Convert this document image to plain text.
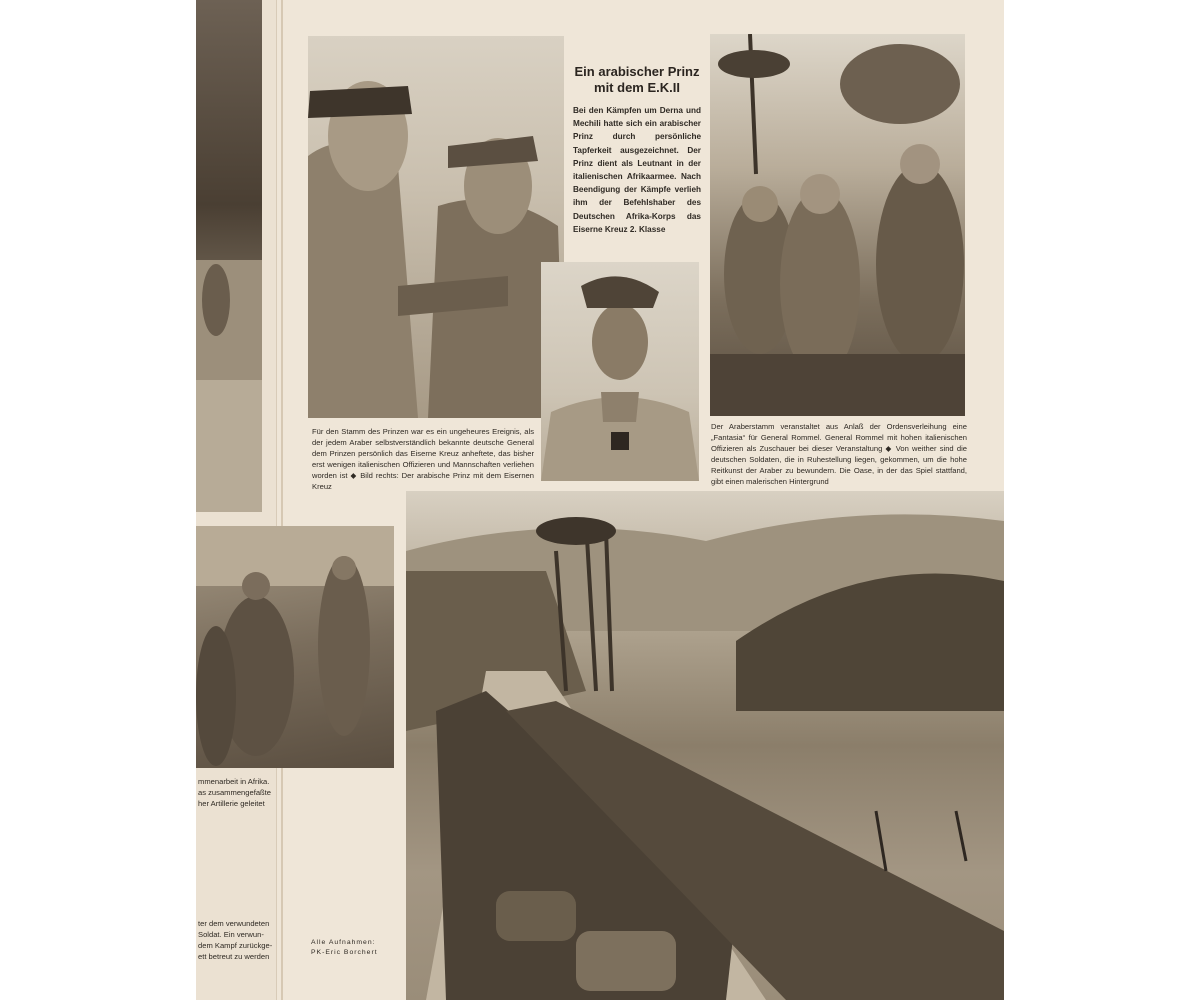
Ein arabischer Prinz
mit dem E.K.II
Bei den Kämpfen um Derna und Mechili hatte sich ein arabischer Prinz durch persönliche Tapferkeit ausgezeichnet. Der Prinz dient als Leutnant in der italienischen Afrikaarmee. Nach Beendigung der Kämpfe verlieh ihm der Befehlshaber des Deutschen Afrika-Korps das Eiserne Kreuz 2. Klasse
Für den Stamm des Prinzen war es ein ungeheures Ereignis, als der jedem Araber selbstverständlich bekannte deutsche General dem Prinzen persönlich das Eiserne Kreuz anheftete, das bisher erst wenigen italienischen Offizieren und Mannschaften verliehen worden ist ◆ Bild rechts: Der arabische Prinz mit dem Eisernen Kreuz
Der Araberstamm veranstaltet aus Anlaß der Ordensverleihung eine „Fantasia“ für General Rommel. General Rommel mit hohen italienischen Offizieren als Zuschauer bei dieser Veranstaltung ◆ Von weither sind die deutschen Soldaten, die in Ruhestellung liegen, gekommen, um die hohe Reitkunst der Araber zu bewundern. Die Oase, in der das Spiel stattfand, gibt einen malerischen Hintergrund
mmenarbeit in Afrika.
as zusammengefaßte
her Artillerie geleitet
ter dem verwundeten
Soldat. Ein verwun-
dem Kampf zurückge-
ett betreut zu werden
Alle Aufnahmen:
PK-Eric Borchert
